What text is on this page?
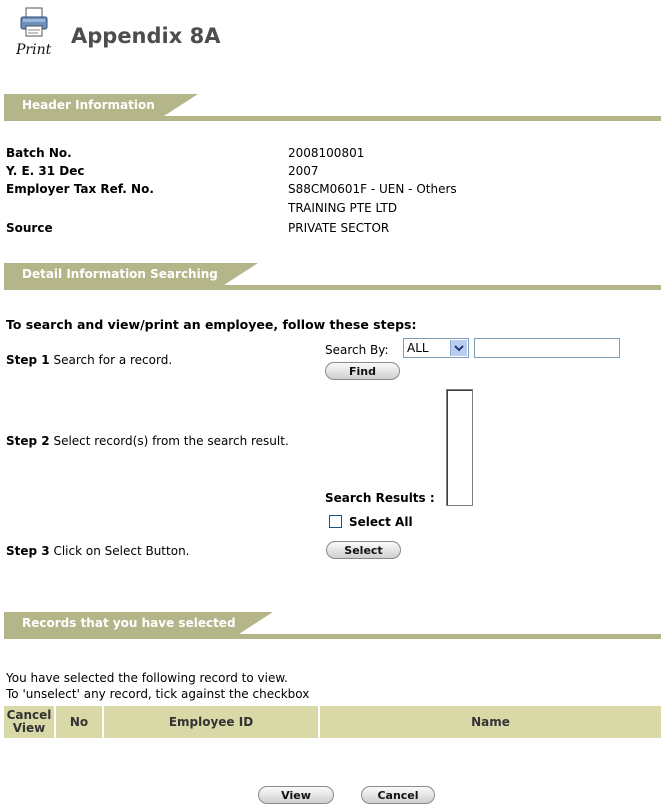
Print
Appendix 8A
Header Information
Batch No.	2008100801
Y. E. 31 Dec	2007
Employer Tax Ref. No.	S88CM0601F - UEN - Others
TRAINING PTE LTD
Source	PRIVATE SECTOR
Detail Information Searching
To search and view/print an employee, follow these steps:
Step 1 Search for a record.
Search By:	ALL
Find
Step 2 Select record(s) from the search result.
Search Results :
Select All
Step 3 Click on Select Button.	Select
Records that you have selected
You have selected the following record to view.
To 'unselect' any record, tick against the checkbox
Cancel View	No	Employee ID	Name
View	Cancel
